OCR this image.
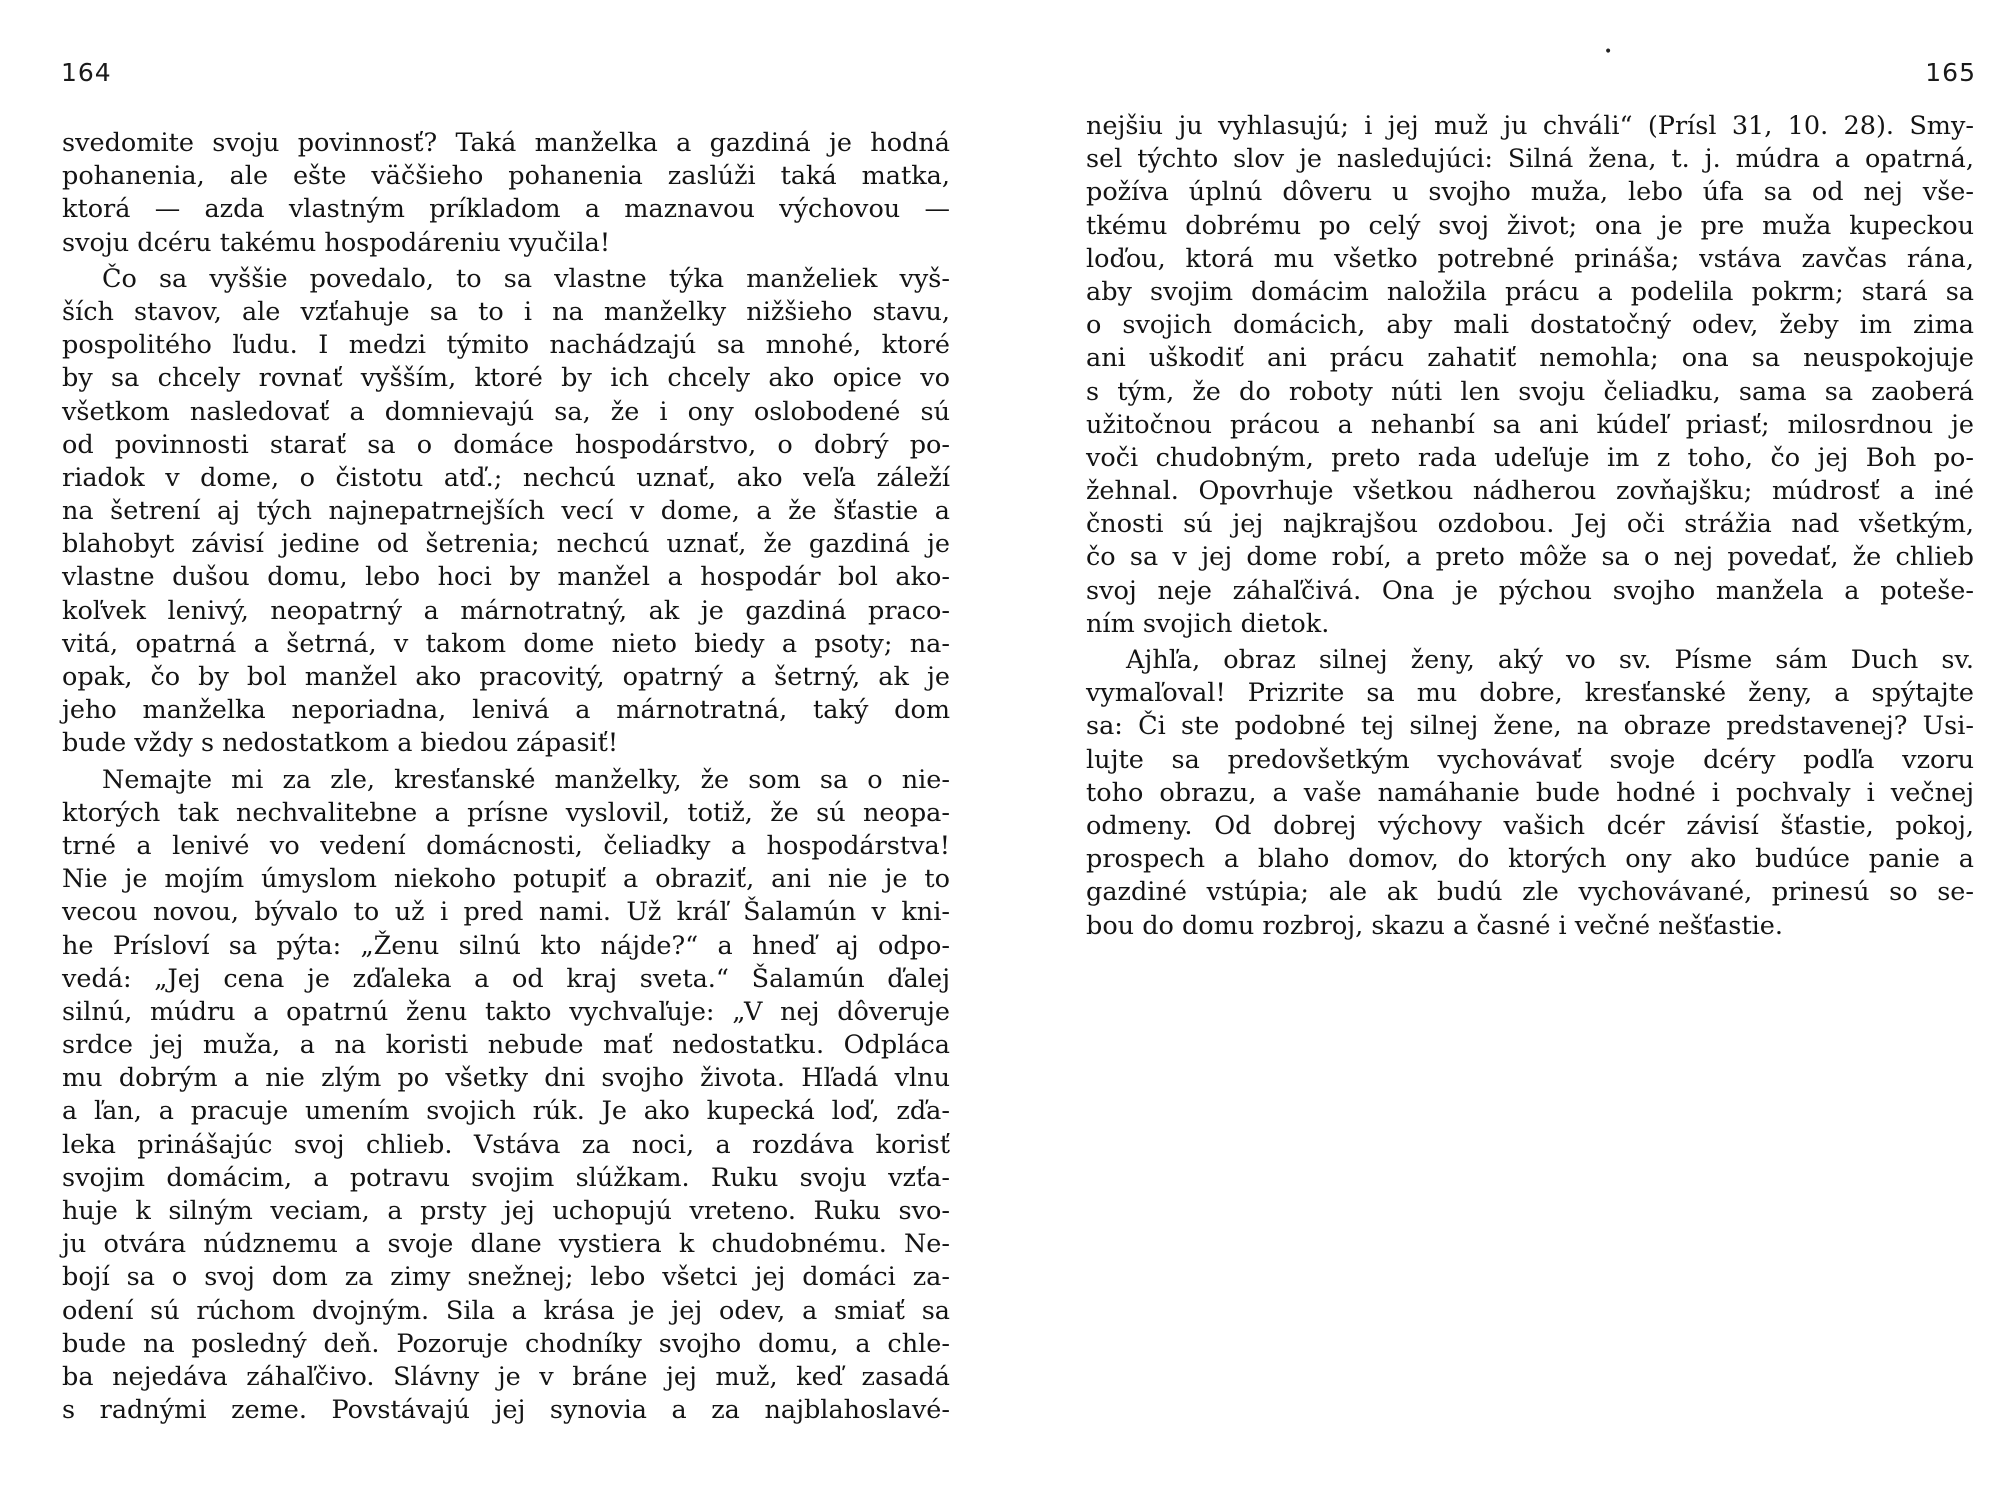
164
svedomite svoju povinnosť? Taká manželka a gazdiná je hodná
pohanenia, ale ešte väčšieho pohanenia zaslúži taká matka,
ktorá — azda vlastným príkladom a maznavou výchovou —
svoju dcéru takému hospodáreniu vyučila!
Čo sa vyššie povedalo, to sa vlastne týka manželiek vyš-
ších stavov, ale vzťahuje sa to i na manželky nižšieho stavu,
pospolitého ľudu. I medzi týmito nachádzajú sa mnohé, ktoré
by sa chcely rovnať vyšším, ktoré by ich chcely ako opice vo
všetkom nasledovať a domnievajú sa, že i ony oslobodené sú
od povinnosti starať sa o domáce hospodárstvo, o dobrý po-
riadok v dome, o čistotu atď.; nechcú uznať, ako veľa záleží
na šetrení aj tých najnepatrnejších vecí v dome, a že šťastie a
blahobyt závisí jedine od šetrenia; nechcú uznať, že gazdiná je
vlastne dušou domu, lebo hoci by manžel a hospodár bol ako-
koľvek lenivý, neopatrný a márnotratný, ak je gazdiná praco-
vitá, opatrná a šetrná, v takom dome nieto biedy a psoty; na-
opak, čo by bol manžel ako pracovitý, opatrný a šetrný, ak je
jeho manželka neporiadna, lenivá a márnotratná, taký dom
bude vždy s nedostatkom a biedou zápasiť!
Nemajte mi za zle, kresťanské manželky, že som sa o nie-
ktorých tak nechvalitebne a prísne vyslovil, totiž, že sú neopa-
trné a lenivé vo vedení domácnosti, čeliadky a hospodárstva!
Nie je mojím úmyslom niekoho potupiť a obraziť, ani nie je to
vecou novou, bývalo to už i pred nami. Už kráľ Šalamún v kni-
he Prísloví sa pýta: „Ženu silnú kto nájde?“ a hneď aj odpo-
vedá: „Jej cena je zďaleka a od kraj sveta.“ Šalamún ďalej
silnú, múdru a opatrnú ženu takto vychvaľuje: „V nej dôveruje
srdce jej muža, a na koristi nebude mať nedostatku. Odpláca
mu dobrým a nie zlým po všetky dni svojho života. Hľadá vlnu
a ľan, a pracuje umením svojich rúk. Je ako kupecká loď, zďa-
leka prinášajúc svoj chlieb. Vstáva za noci, a rozdáva korisť
svojim domácim, a potravu svojim slúžkam. Ruku svoju vzťa-
huje k silným veciam, a prsty jej uchopujú vreteno. Ruku svo-
ju otvára núdznemu a svoje dlane vystiera k chudobnému. Ne-
bojí sa o svoj dom za zimy snežnej; lebo všetci jej domáci za-
odení sú rúchom dvojným. Sila a krása je jej odev, a smiať sa
bude na posledný deň. Pozoruje chodníky svojho domu, a chle-
ba nejedáva záhaľčivo. Slávny je v bráne jej muž, keď zasadá
s radnými zeme. Povstávajú jej synovia a za najblahoslavé-
•
165
nejšiu ju vyhlasujú; i jej muž ju chváli“ (Prísl 31, 10. 28). Smy-
sel týchto slov je nasledujúci: Silná žena, t. j. múdra a opatrná,
požíva úplnú dôveru u svojho muža, lebo úfa sa od nej vše-
tkému dobrému po celý svoj život; ona je pre muža kupeckou
loďou, ktorá mu všetko potrebné prináša; vstáva zavčas rána,
aby svojim domácim naložila prácu a podelila pokrm; stará sa
o svojich domácich, aby mali dostatočný odev, žeby im zima
ani uškodiť ani prácu zahatiť nemohla; ona sa neuspokojuje
s tým, že do roboty núti len svoju čeliadku, sama sa zaoberá
užitočnou prácou a nehanbí sa ani kúdeľ priasť; milosrdnou je
voči chudobným, preto rada udeľuje im z toho, čo jej Boh po-
žehnal. Opovrhuje všetkou nádherou zovňajšku; múdrosť a iné
čnosti sú jej najkrajšou ozdobou. Jej oči strážia nad všetkým,
čo sa v jej dome robí, a preto môže sa o nej povedať, že chlieb
svoj neje záhaľčivá. Ona je pýchou svojho manžela a poteše-
ním svojich dietok.
Ajhľa, obraz silnej ženy, aký vo sv. Písme sám Duch sv.
vymaľoval! Prizrite sa mu dobre, kresťanské ženy, a spýtajte
sa: Či ste podobné tej silnej žene, na obraze predstavenej? Usi-
lujte sa predovšetkým vychovávať svoje dcéry podľa vzoru
toho obrazu, a vaše namáhanie bude hodné i pochvaly i večnej
odmeny. Od dobrej výchovy vašich dcér závisí šťastie, pokoj,
prospech a blaho domov, do ktorých ony ako budúce panie a
gazdiné vstúpia; ale ak budú zle vychovávané, prinesú so se-
bou do domu rozbroj, skazu a časné i večné nešťastie.
